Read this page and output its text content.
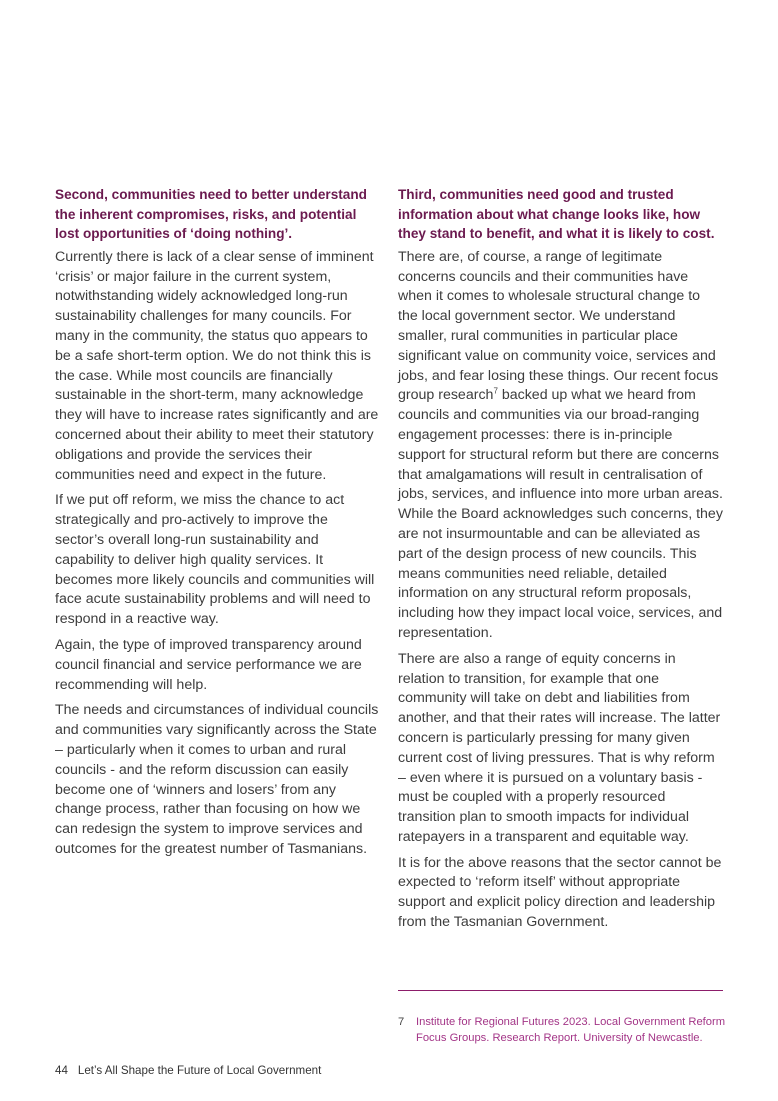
Second, communities need to better understand the inherent compromises, risks, and potential lost opportunities of ‘doing nothing’.

Currently there is lack of a clear sense of imminent ‘crisis’ or major failure in the current system, notwithstanding widely acknowledged long-run sustainability challenges for many councils. For many in the community, the status quo appears to be a safe short-term option. We do not think this is the case. While most councils are financially sustainable in the short-term, many acknowledge they will have to increase rates significantly and are concerned about their ability to meet their statutory obligations and provide the services their communities need and expect in the future.

If we put off reform, we miss the chance to act strategically and pro-actively to improve the sector’s overall long-run sustainability and capability to deliver high quality services. It becomes more likely councils and communities will face acute sustainability problems and will need to respond in a reactive way.

Again, the type of improved transparency around council financial and service performance we are recommending will help.

The needs and circumstances of individual councils and communities vary significantly across the State – particularly when it comes to urban and rural councils - and the reform discussion can easily become one of ‘winners and losers’ from any change process, rather than focusing on how we can redesign the system to improve services and outcomes for the greatest number of Tasmanians.

Third, communities need good and trusted information about what change looks like, how they stand to benefit, and what it is likely to cost.

There are, of course, a range of legitimate concerns councils and their communities have when it comes to wholesale structural change to the local government sector. We understand smaller, rural communities in particular place significant value on community voice, services and jobs, and fear losing these things. Our recent focus group research$^7$ backed up what we heard from councils and communities via our broad-ranging engagement processes: there is in-principle support for structural reform but there are concerns that amalgamations will result in centralisation of jobs, services, and influence into more urban areas. While the Board acknowledges such concerns, they are not insurmountable and can be alleviated as part of the design process of new councils. This means communities need reliable, detailed information on any structural reform proposals, including how they impact local voice, services, and representation.

There are also a range of equity concerns in relation to transition, for example that one community will take on debt and liabilities from another, and that their rates will increase. The latter concern is particularly pressing for many given current cost of living pressures. That is why reform – even where it is pursued on a voluntary basis - must be coupled with a properly resourced transition plan to smooth impacts for individual ratepayers in a transparent and equitable way.

It is for the above reasons that the sector cannot be expected to ‘reform itself’ without appropriate support and explicit policy direction and leadership from the Tasmanian Government.

7	Institute for Regional Futures 2023. Local Government Reform Focus Groups. Research Report. University of Newcastle.
44 Let’s All Shape the Future of Local Government
